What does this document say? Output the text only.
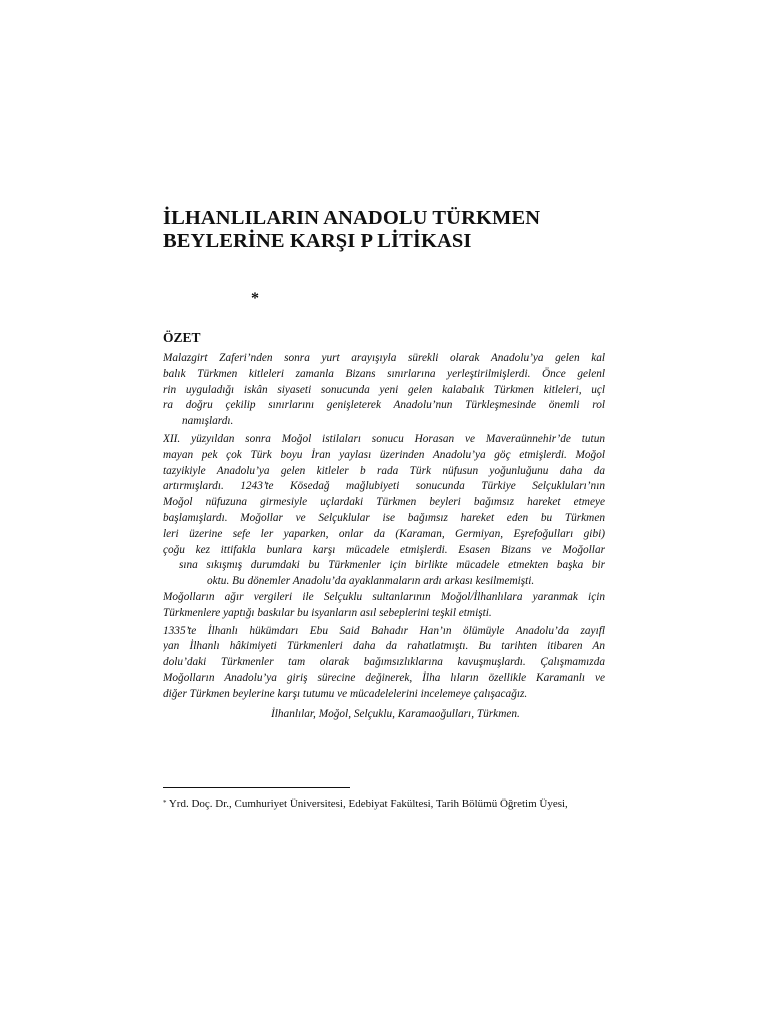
İLHANLILARIN ANADOLU TÜRKMEN
BEYLERİNE KARŞI P LİTİKASI
*
ÖZET
Malazgirt Zaferi’nden sonra yurt arayışıyla sürekli olarak Anadolu’ya gelen kal
balık Türkmen kitleleri zamanla Bizans sınırlarına yerleştirilmişlerdi. Önce gelenl
rin uyguladığı iskân siyaseti sonucunda yeni gelen kalabalık Türkmen kitleleri, uçl
ra doğru çekilip sınırlarını genişleterek Anadolu’nun Türkleşmesinde önemli rol
namışlardı.
XII. yüzyıldan sonra Moğol istilaları sonucu Horasan ve Maveraünnehir’de tutun
mayan pek çok Türk boyu İran yaylası üzerinden Anadolu’ya göç etmişlerdi. Moğol
tazyikiyle Anadolu’ya gelen kitleler b rada Türk nüfusun yoğunluğunu daha da
artırmışlardı. 1243’te Kösedağ mağlubiyeti sonucunda Türkiye Selçukluları’nın
Moğol nüfuzuna girmesiyle uçlardaki Türkmen beyleri bağımsız hareket etmeye
başlamışlardı. Moğollar ve Selçuklular ise bağımsız hareket eden bu Türkmen
leri üzerine sefe ler yaparken, onlar da (Karaman, Germiyan, Eşrefoğulları gibi)
çoğu kez ittifakla bunlara karşı mücadele etmişlerdi. Esasen Bizans ve Moğollar
sına sıkışmış durumdaki bu Türkmenler için birlikte mücadele etmekten başka bir
oktu. Bu dönemler Anadolu’da ayaklanmaların ardı arkası kesilmemişti.
Moğolların ağır vergileri ile Selçuklu sultanlarının Moğol/İlhanlılara yaranmak için
Türkmenlere yaptığı baskılar bu isyanların asıl sebeplerini teşkil etmişti.
1335’te İlhanlı hükümdarı Ebu Said Bahadır Han’ın ölümüyle Anadolu’da zayıfl
yan İlhanlı hâkimiyeti Türkmenleri daha da rahatlatmıştı. Bu tarihten itibaren An
dolu’daki Türkmenler tam olarak bağımsızlıklarına kavuşmuşlardı. Çalışmamızda
Moğolların Anadolu’ya giriş sürecine değinerek, İlha lıların özellikle Karamanlı ve
diğer Türkmen beylerine karşı tutumu ve mücadelelerini incelemeye çalışacağız.
İlhanlılar, Moğol, Selçuklu, Karamaoğulları, Türkmen.
* Yrd. Doç. Dr., Cumhuriyet Üniversitesi, Edebiyat Fakültesi, Tarih Bölümü Öğretim Üyesi,
